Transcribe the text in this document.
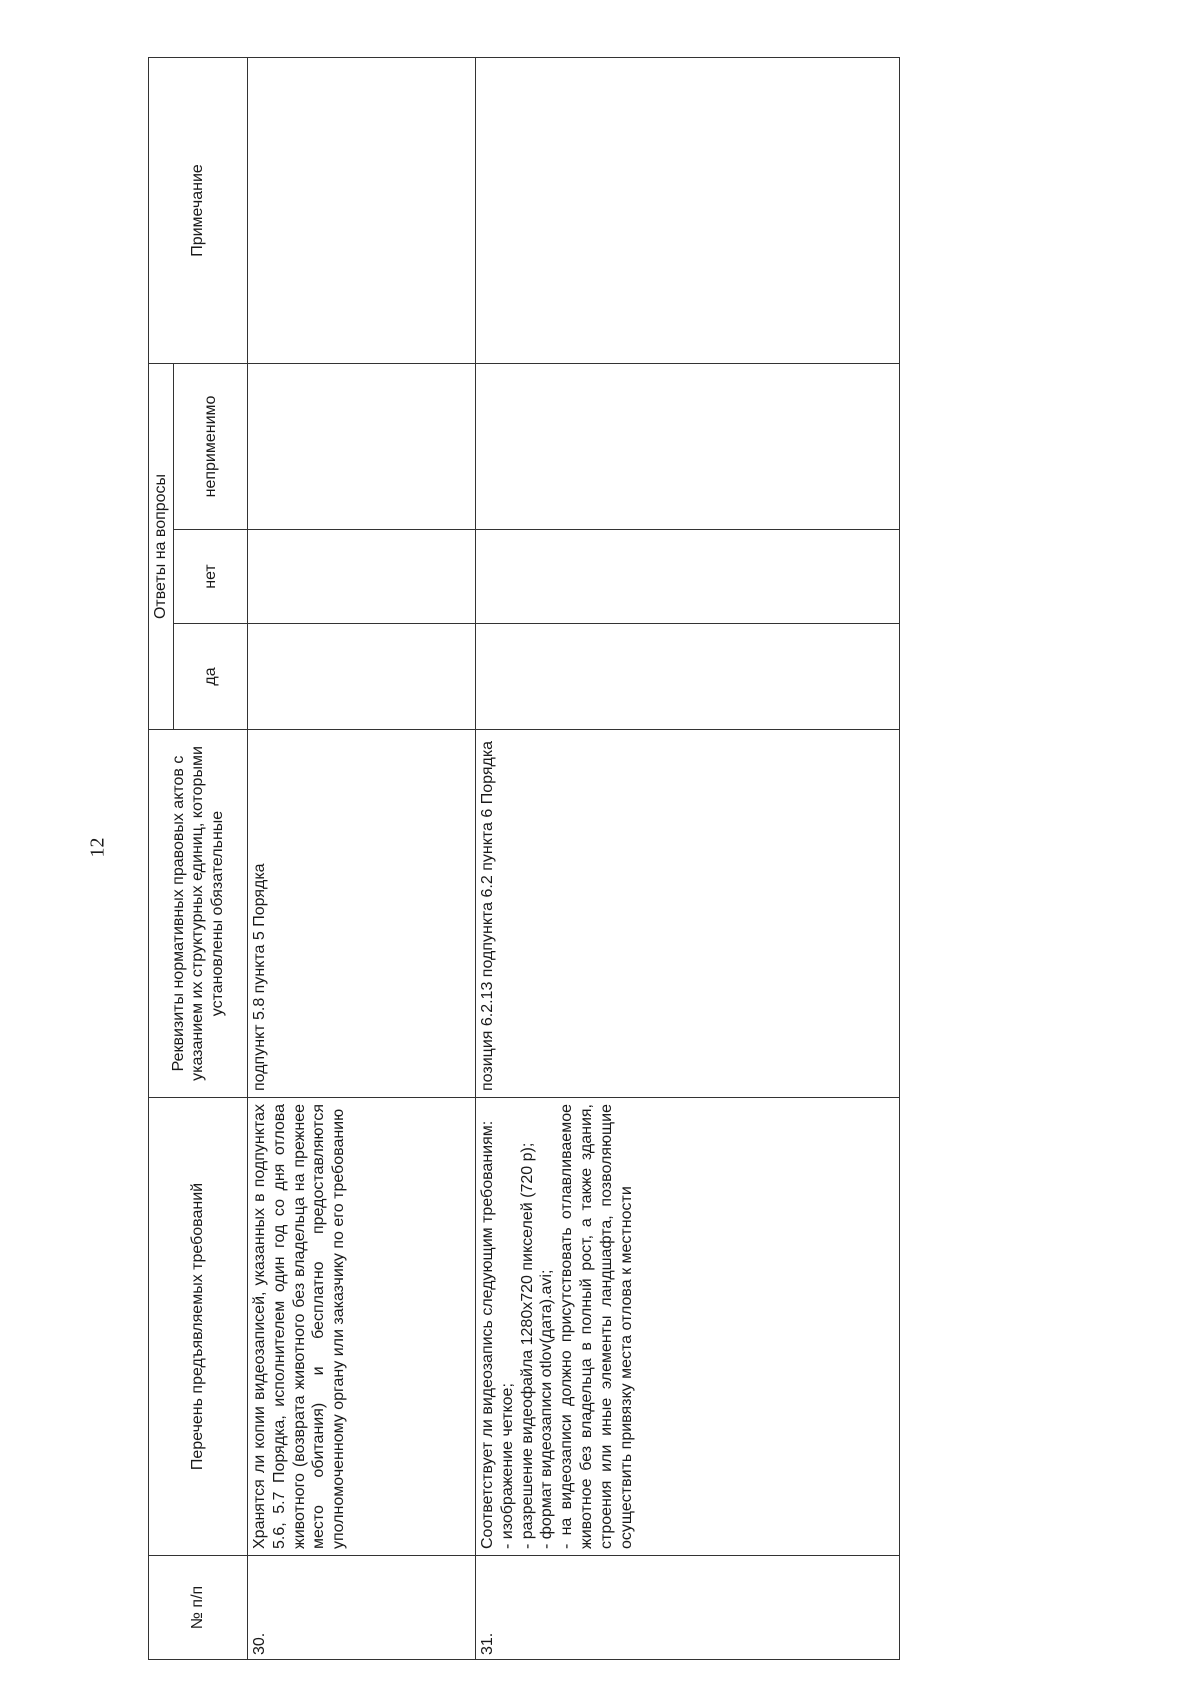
12
№ п/п	Перечень предъявляемых требований	Реквизиты нормативных правовых актов с указанием их структурных единиц, которыми установлены обязательные	Ответы на вопросы			Примечание
			да	нет	неприменимо	
30.	Хранятся ли копии видеозаписей, указанных в подпунктах 5.6, 5.7 Порядка, исполнителем один год со дня отлова животного (возврата животного без владельца на прежнее место обитания) и бесплатно предоставляются уполномоченному органу или заказчику по его требованию	подпункт 5.8 пункта 5 Порядка				
31.	Соответствует ли видеозапись следующим требованиям: - изображение четкое; - разрешение видеофайла 1280x720 пикселей (720 р); - формат видеозаписи otlov(дата).avi; - на видеозаписи должно присутствовать отлавливаемое животное без владельца в полный рост, а также здания, строения или иные элементы ландшафта, позволяющие осуществить привязку места отлова к местности	позиция 6.2.13 подпункта 6.2 пункта 6 Порядка				
